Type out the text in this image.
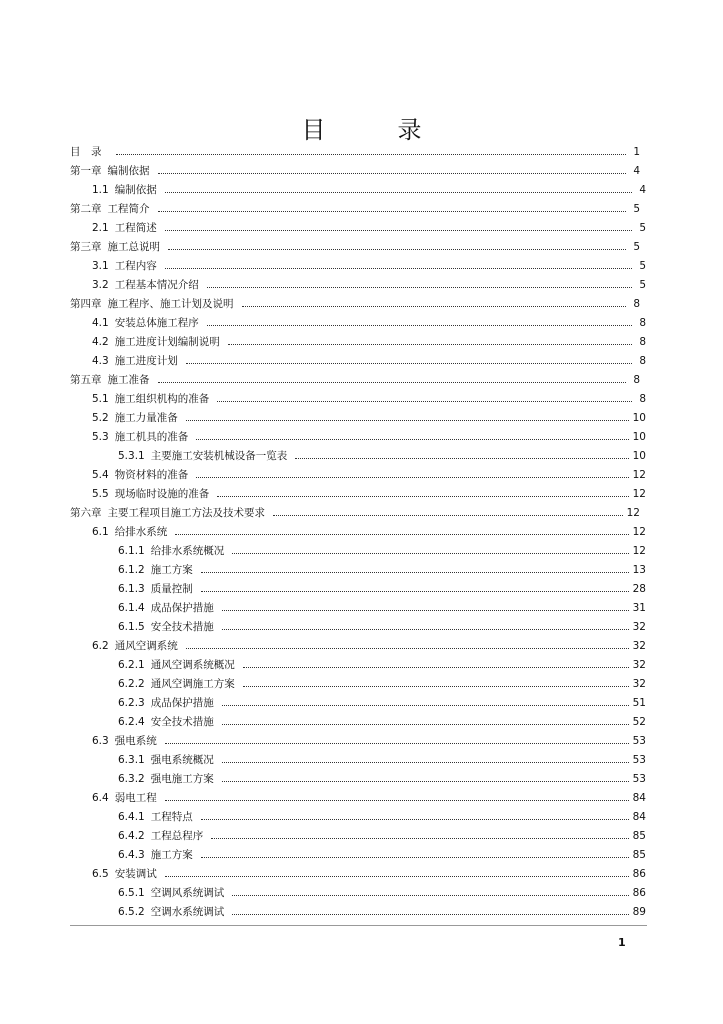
目　录
目　录	1
第一章 编制依据	4
1.1 编制依据	4
第二章 工程简介	5
2.1 工程简述	5
第三章 施工总说明	5
3.1 工程内容	5
3.2 工程基本情况介绍	5
第四章 施工程序、施工计划及说明	8
4.1 安装总体施工程序	8
4.2 施工进度计划编制说明	8
4.3 施工进度计划	8
第五章 施工准备	8
5.1 施工组织机构的准备	8
5.2 施工力量准备	10
5.3 施工机具的准备	10
5.3.1 主要施工安装机械设备一览表	10
5.4 物资材料的准备	12
5.5 现场临时设施的准备	12
第六章 主要工程项目施工方法及技术要求	12
6.1 给排水系统	12
6.1.1 给排水系统概况	12
6.1.2 施工方案	13
6.1.3 质量控制	28
6.1.4 成品保护措施	31
6.1.5 安全技术措施	32
6.2 通风空调系统	32
6.2.1 通风空调系统概况	32
6.2.2 通风空调施工方案	32
6.2.3 成品保护措施	51
6.2.4 安全技术措施	52
6.3 强电系统	53
6.3.1 强电系统概况	53
6.3.2 强电施工方案	53
6.4 弱电工程	84
6.4.1 工程特点	84
6.4.2 工程总程序	85
6.4.3 施工方案	85
6.5 安装调试	86
6.5.1 空调风系统调试	86
6.5.2 空调水系统调试	89
1
